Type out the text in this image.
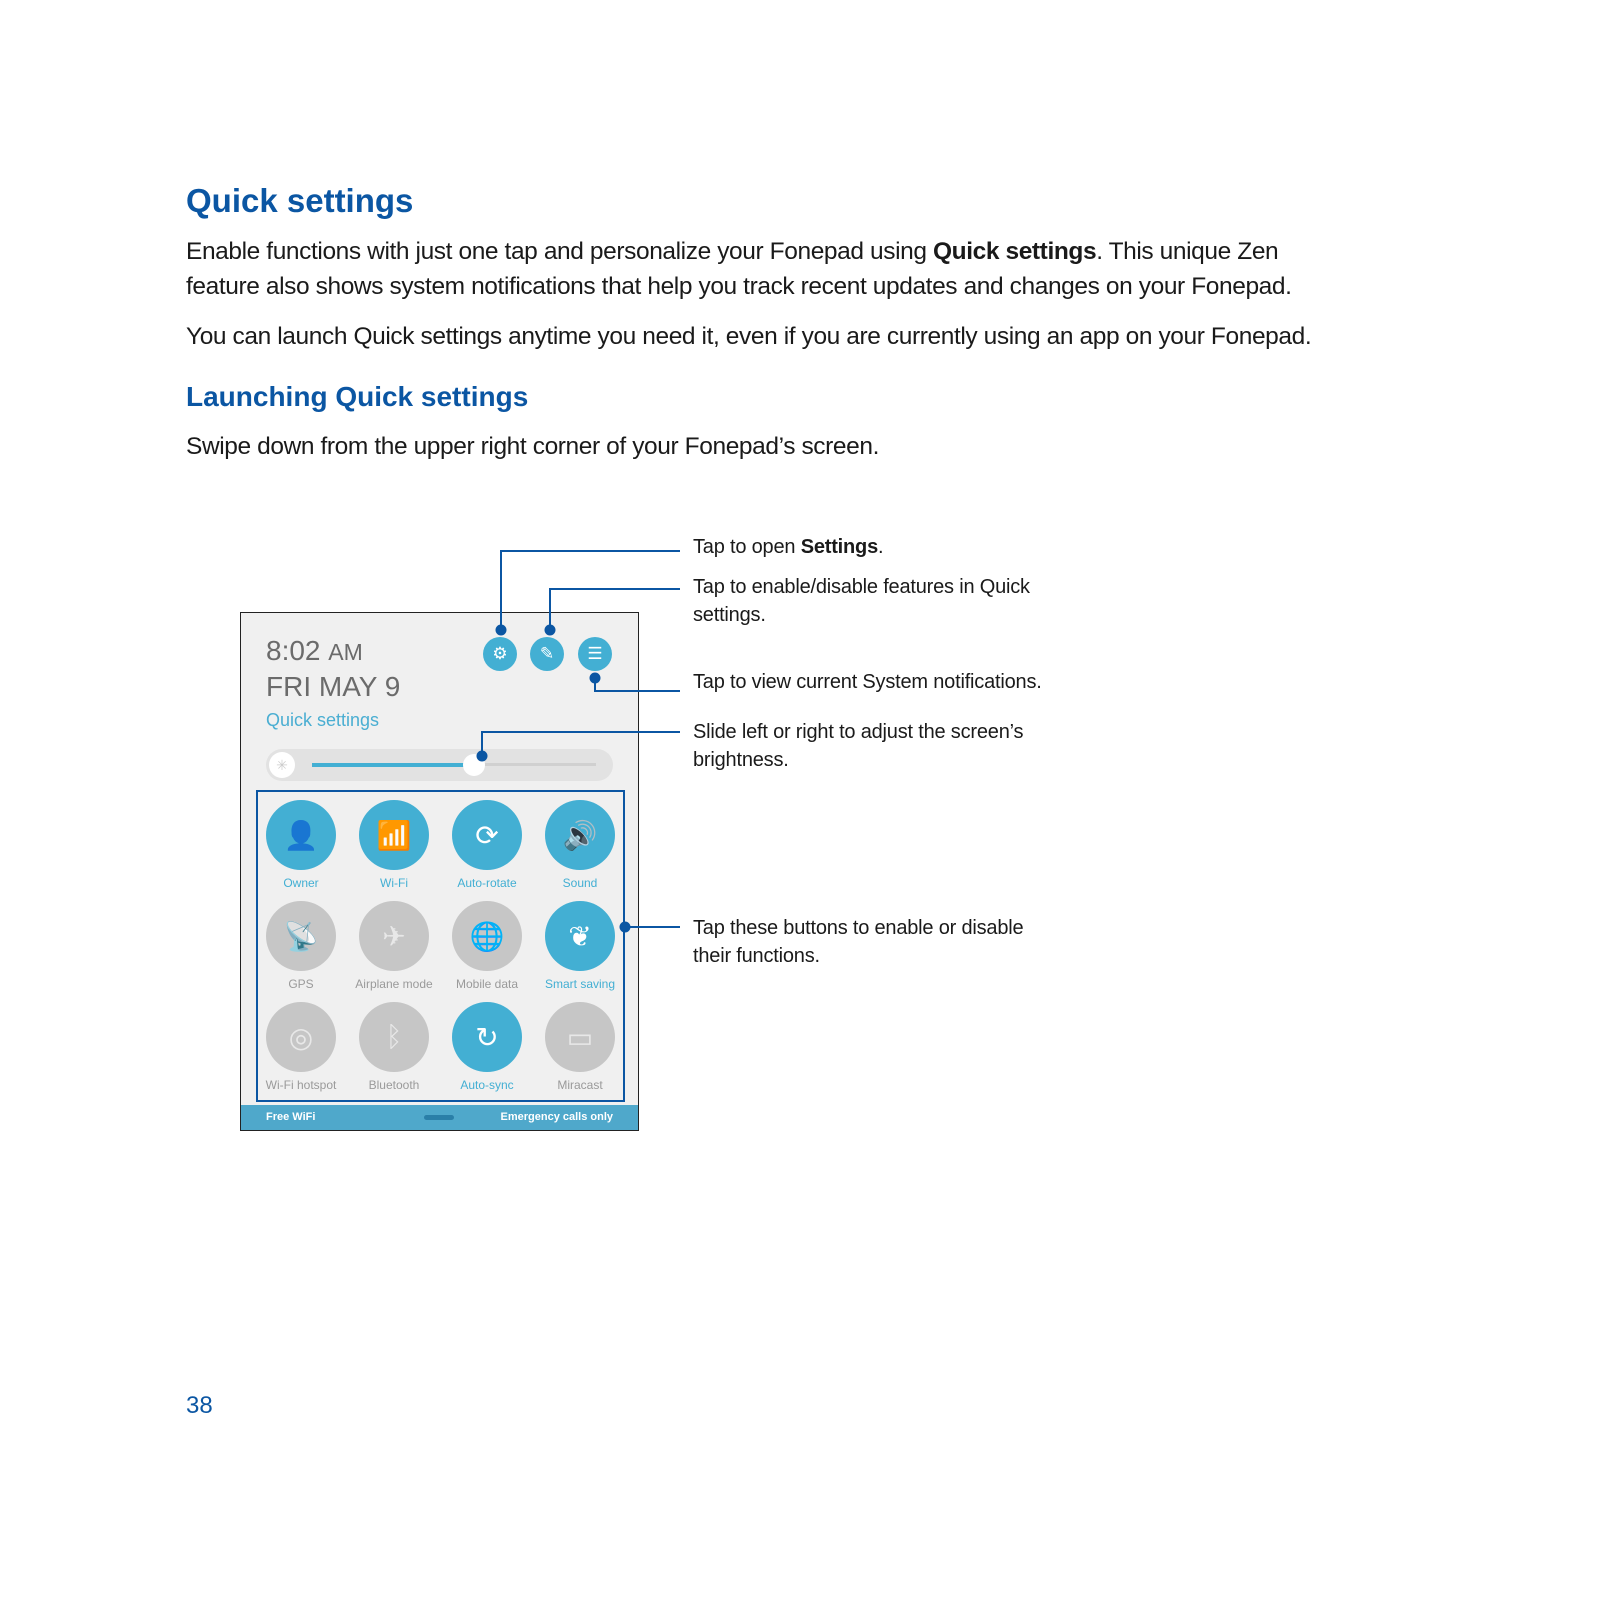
Quick settings
Enable functions with just one tap and personalize your Fonepad using Quick settings. This unique Zen
feature also shows system notifications that help you track recent updates and changes on your Fonepad.
You can launch Quick settings anytime you need it, even if you are currently using an app on your Fonepad.
Launching Quick settings
Swipe down from the upper right corner of your Fonepad’s screen.
Tap to open Settings.
Tap to enable/disable features in Quick
settings.
Tap to view current System notifications.
Slide left or right to adjust the screen’s
brightness.
Tap these buttons to enable or disable
their functions.
8:02 AM
FRI MAY 9
Quick settings
⚙	✎	☰
✳
👤
Owner
📶
Wi-Fi
⟳
Auto-rotate
🔊
Sound
📡
GPS
✈
Airplane mode
🌐
Mobile data
❦
Smart saving
◎
Wi-Fi hotspot
ᛒ
Bluetooth
↻
Auto-sync
▭
Miracast
Free WiFi	Emergency calls only
38
